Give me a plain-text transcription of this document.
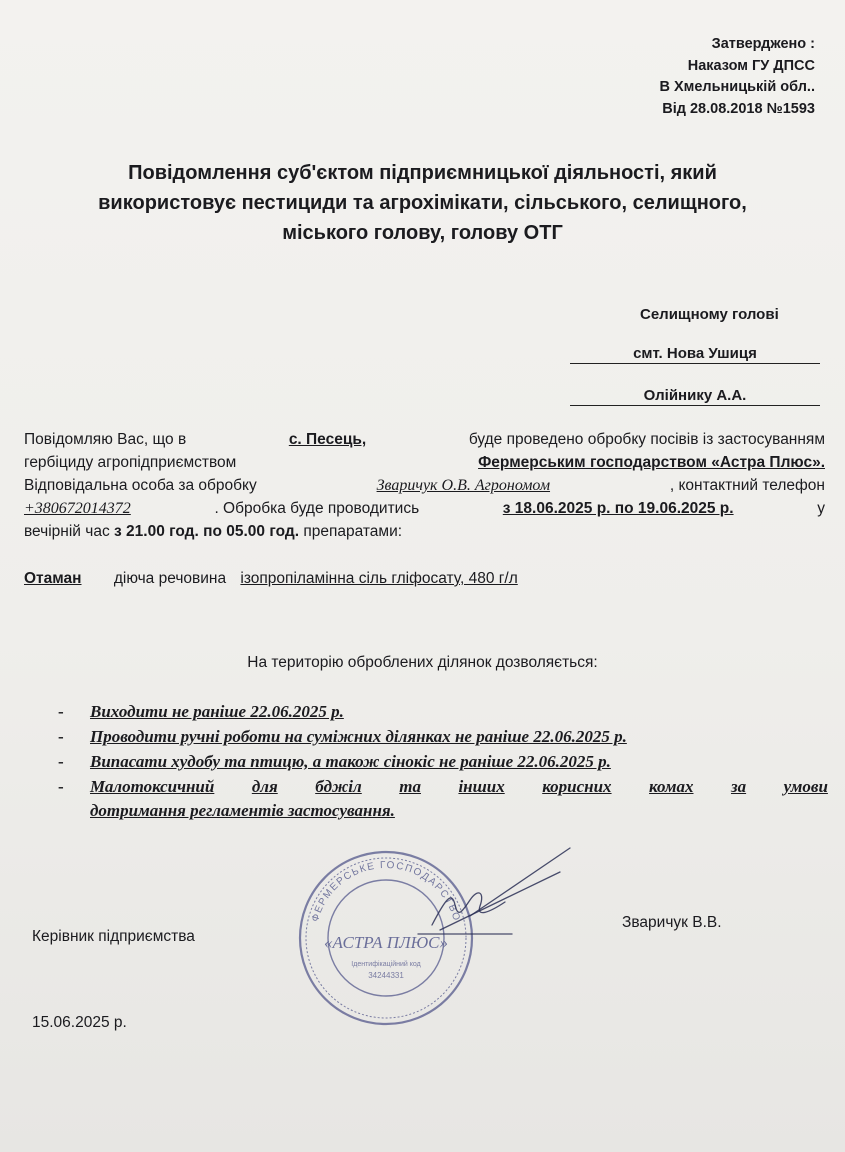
Затверджено :
Наказом ГУ ДПСС
В Хмельницькій обл..
Від 28.08.2018 №1593
Повідомлення суб'єктом підприємницької діяльності, який
використовує пестициди та агрохімікати, сільського, селищного,
міського голову, голову ОТГ
Селищному голові
смт. Нова Ушиця
Олійнику А.А.
Повідомляю Вас, що в	с. Песець,	буде проведено обробку посівів із застосуванням
гербіциду агропідприємством	Фермерським господарством «Астра Плюс».
Відповідальна особа за обробку	Зваричук О.В. Агрономом	, контактний телефон
+380672014372	. Обробка буде проводитись	з 18.06.2025 р. по 19.06.2025 р.	у
вечірній час з 21.00 год. по 05.00 год. препаратами:
Отаман діюча речовина ізопропіламінна сіль гліфосату, 480 г/л
На територію оброблених ділянок дозволяється:
- Виходити не раніше 22.06.2025 р.
- Проводити ручні роботи на суміжних ділянках не раніше 22.06.2025 р.
- Випасати худобу та птицю, а також сінокіс не раніше 22.06.2025 р.
- Малотоксичний для бджіл та інших корисних комах за умови
дотримання регламентів застосування.
ФЕРМЕРСЬКЕ ГОСПОДАРСТВО
«АСТРА ПЛЮС»
Ідентифікаційний код
34244331
Керівник підприємства
Зваричук В.В.
15.06.2025 р.
